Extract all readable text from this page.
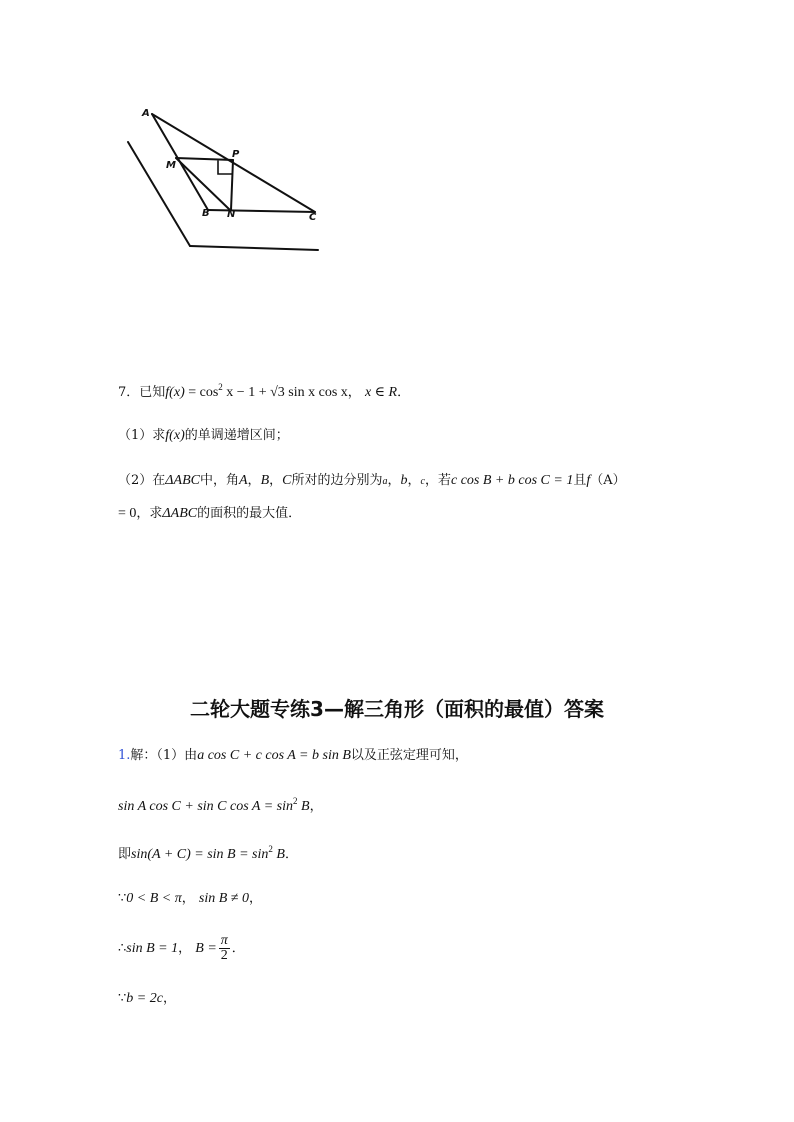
A
P
M
B N	C
7．已知$f(x) = \cos^2 x - 1 + √3$ sin x cos x， x ∈ R．
（1）求f(x)的单调递增区间；
（2）在ΔABC中，角A，B，C所对的边分别为a，b，c，若c cos B + b cos C = 1且f（A）
= 0，求ΔABC的面积的最大值．
二轮大题专练3—解三角形（面积的最值）答案
1.解：（1）由a cos C + c cos A = b sin B以及正弦定理可知，
sin A cos C + sin C $\cos A = \sin^2 B$，
即$\sin(A + C) = \sin B = \sin^2 B$．
∵0 < B < π， sin B ≠ 0，
∴sin B = 1， $B = \frac{\pi}{2}$ ．
∵b = 2c，
